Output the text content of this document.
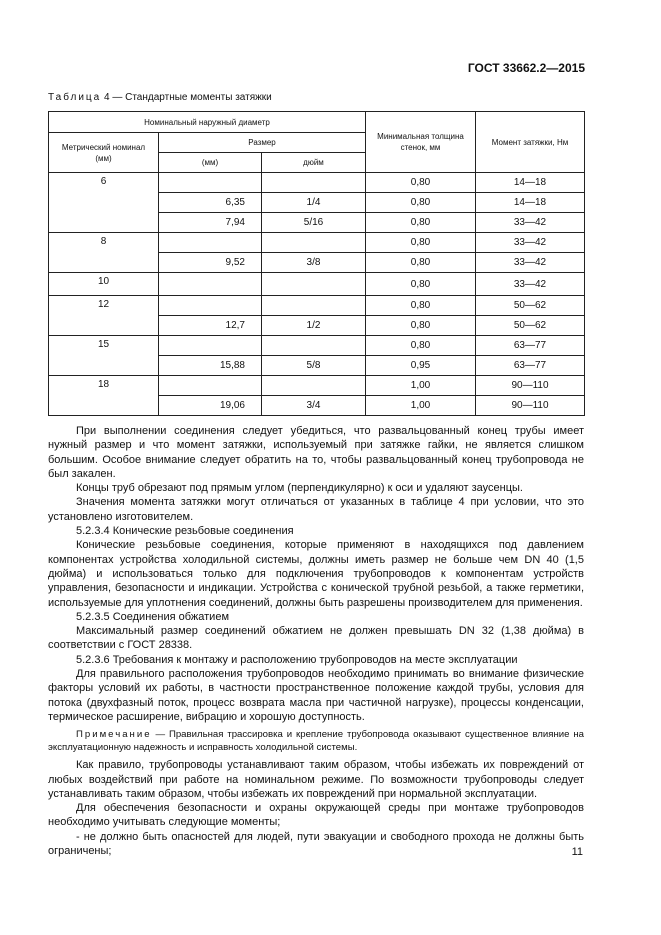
ГОСТ 33662.2—2015
Таблица 4 — Стандартные моменты затяжки
Номинальный наружный диаметр			Минимальная толщина стенок, мм	Момент затяжки, Нм
Метрический номинал (мм)	Размер			
	(мм)	дюйм		
6			0,80	14—18
	6,35	1/4	0,80	14—18
	7,94	5/16	0,80	33—42
8			0,80	33—42
	9,52	3/8	0,80	33—42
10			0,80	33—42
12			0,80	50—62
	12,7	1/2	0,80	50—62
15			0,80	63—77
	15,88	5/8	0,95	63—77
18			1,00	90—110
	19,06	3/4	1,00	90—110

При выполнении соединения следует убедиться, что развальцованный конец трубы имеет нужный размер и что момент затяжки, используемый при затяжке гайки, не является слишком большим. Особое внимание следует обратить на то, чтобы развальцованный конец трубопровода не был закален.

Концы труб обрезают под прямым углом (перпендикулярно) к оси и удаляют заусенцы.

Значения момента затяжки могут отличаться от указанных в таблице 4 при условии, что это установлено изготовителем.

5.2.3.4 Конические резьбовые соединения

Конические резьбовые соединения, которые применяют в находящихся под давлением компонентах устройства холодильной системы, должны иметь размер не больше чем DN 40 (1,5 дюйма) и использоваться только для подключения трубопроводов к компонентам устройств управления, безопасности и индикации. Устройства с конической трубной резьбой, а также герметики, используемые для уплотнения соединений, должны быть разрешены производителем для применения.

5.2.3.5 Соединения обжатием

Максимальный размер соединений обжатием не должен превышать DN 32 (1,38 дюйма) в соответствии с ГОСТ 28338.

5.2.3.6 Требования к монтажу и расположению трубопроводов на месте эксплуатации

Для правильного расположения трубопроводов необходимо принимать во внимание физические факторы условий их работы, в частности пространственное положение каждой трубы, условия для потока (двухфазный поток, процесс возврата масла при частичной нагрузке), процессы конденсации, термическое расширение, вибрацию и хорошую доступность.

Примечание — Правильная трассировка и крепление трубопровода оказывают существенное влияние на эксплуатационную надежность и исправность холодильной системы.

Как правило, трубопроводы устанавливают таким образом, чтобы избежать их повреждений от любых воздействий при работе на номинальном режиме. По возможности трубопроводы следует устанавливать таким образом, чтобы избежать их повреждений при нормальной эксплуатации.

Для обеспечения безопасности и охраны окружающей среды при монтаже трубопроводов необходимо учитывать следующие моменты;

- не должно быть опасностей для людей, пути эвакуации и свободного прохода не должны быть ограничены;	11
